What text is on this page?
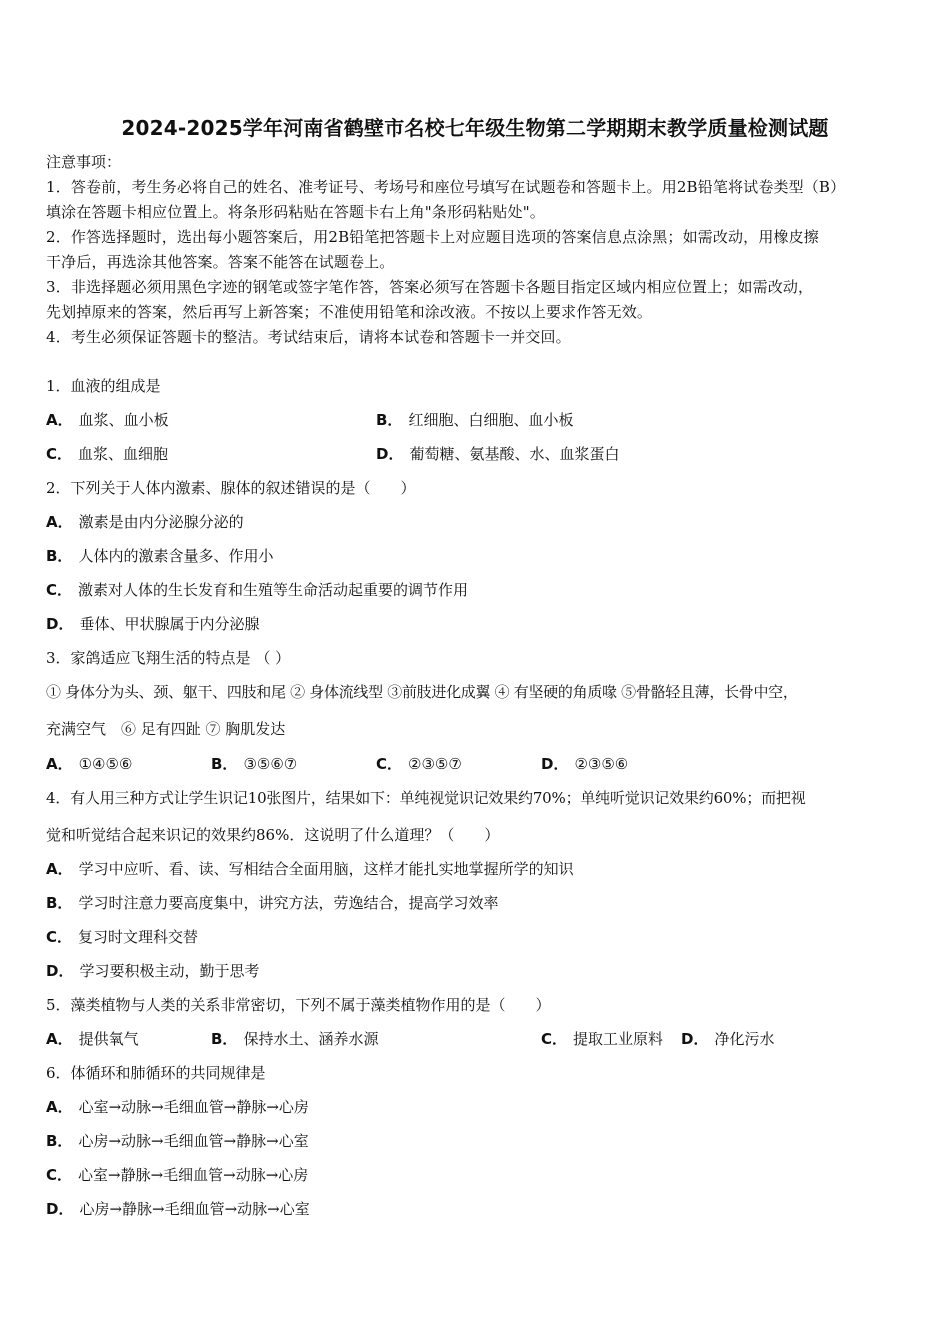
2024-2025学年河南省鹤壁市名校七年级生物第二学期期末教学质量检测试题
注意事项：
1．答卷前，考生务必将自己的姓名、准考证号、考场号和座位号填写在试题卷和答题卡上。用2B铅笔将试卷类型（B）
填涂在答题卡相应位置上。将条形码粘贴在答题卡右上角"条形码粘贴处"。
2．作答选择题时，选出每小题答案后，用2B铅笔把答题卡上对应题目选项的答案信息点涂黑；如需改动，用橡皮擦
干净后，再选涂其他答案。答案不能答在试题卷上。
3．非选择题必须用黑色字迹的钢笔或签字笔作答，答案必须写在答题卡各题目指定区域内相应位置上；如需改动，
先划掉原来的答案，然后再写上新答案；不准使用铅笔和涂改液。不按以上要求作答无效。
4．考生必须保证答题卡的整洁。考试结束后，请将本试卷和答题卡一并交回。
1．血液的组成是
A． 血浆、血小板	B． 红细胞、白细胞、血小板
C． 血浆、血细胞	D． 葡萄糖、氨基酸、水、血浆蛋白
2．下列关于人体内激素、腺体的叙述错误的是（　　）
A． 激素是由内分泌腺分泌的
B． 人体内的激素含量多、作用小
C． 激素对人体的生长发育和生殖等生命活动起重要的调节作用
D． 垂体、甲状腺属于内分泌腺
3．家鸽适应飞翔生活的特点是 （ ）
① 身体分为头、颈、躯干、四肢和尾 ② 身体流线型 ③前肢进化成翼 ④ 有坚硬的角质喙 ⑤骨骼轻且薄，长骨中空，
充满空气　⑥ 足有四趾 ⑦ 胸肌发达
A． ①④⑤⑥	B． ③⑤⑥⑦	C． ②③⑤⑦	D． ②③⑤⑥
4．有人用三种方式让学生识记10张图片，结果如下：单纯视觉识记效果约70%；单纯听觉识记效果约60%；而把视
觉和听觉结合起来识记的效果约86%．这说明了什么道理？（　　）
A． 学习中应听、看、读、写相结合全面用脑，这样才能扎实地掌握所学的知识
B． 学习时注意力要高度集中，讲究方法，劳逸结合，提高学习效率
C． 复习时文理科交替
D． 学习要积极主动，勤于思考
5．藻类植物与人类的关系非常密切，下列不属于藻类植物作用的是（　　）
A． 提供氧气	B． 保持水土、涵养水源	C． 提取工业原料 D． 净化污水
6．体循环和肺循环的共同规律是
A． 心室→动脉→毛细血管→静脉→心房
B． 心房→动脉→毛细血管→静脉→心室
C． 心室→静脉→毛细血管→动脉→心房
D． 心房→静脉→毛细血管→动脉→心室
